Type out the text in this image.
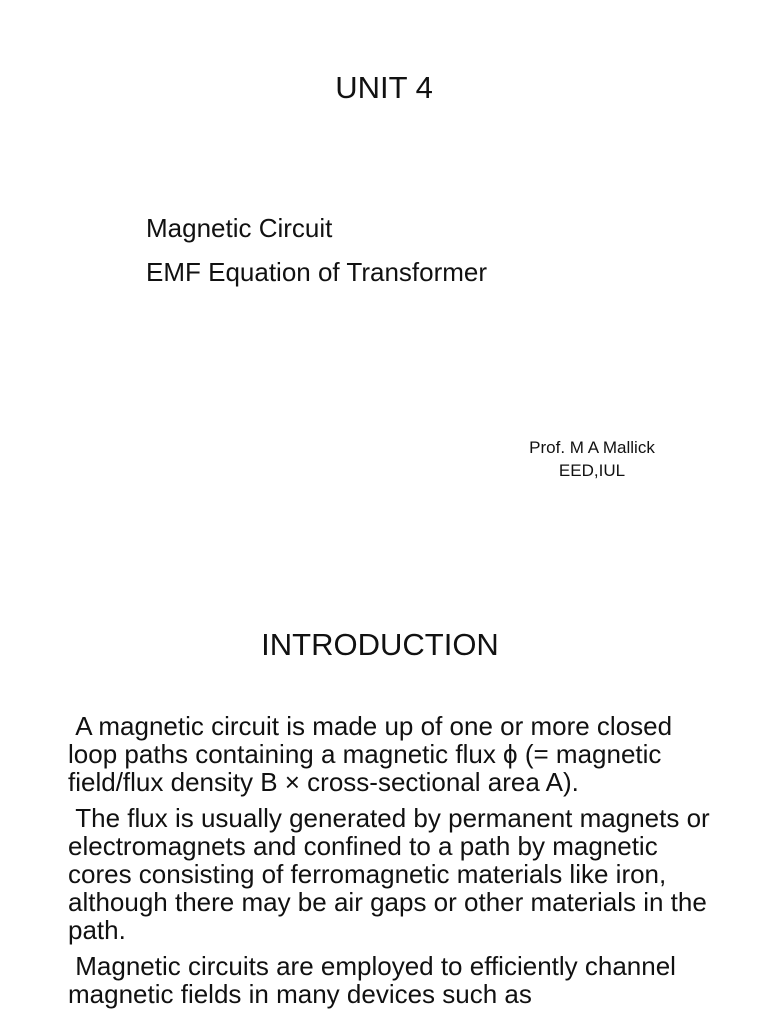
UNIT 4
Magnetic Circuit
EMF Equation of Transformer
Prof. M A Mallick
EED,IUL
INTRODUCTION

A magnetic circuit is made up of one or more closed loop paths containing a magnetic flux ϕ (= magnetic field/flux density B × cross-sectional area A).

The flux is usually generated by permanent magnets or electromagnets and confined to a path by magnetic cores consisting of ferromagnetic materials like iron, although there may be air gaps or other materials in the path.

Magnetic circuits are employed to efficiently channel magnetic fields in many devices such as
